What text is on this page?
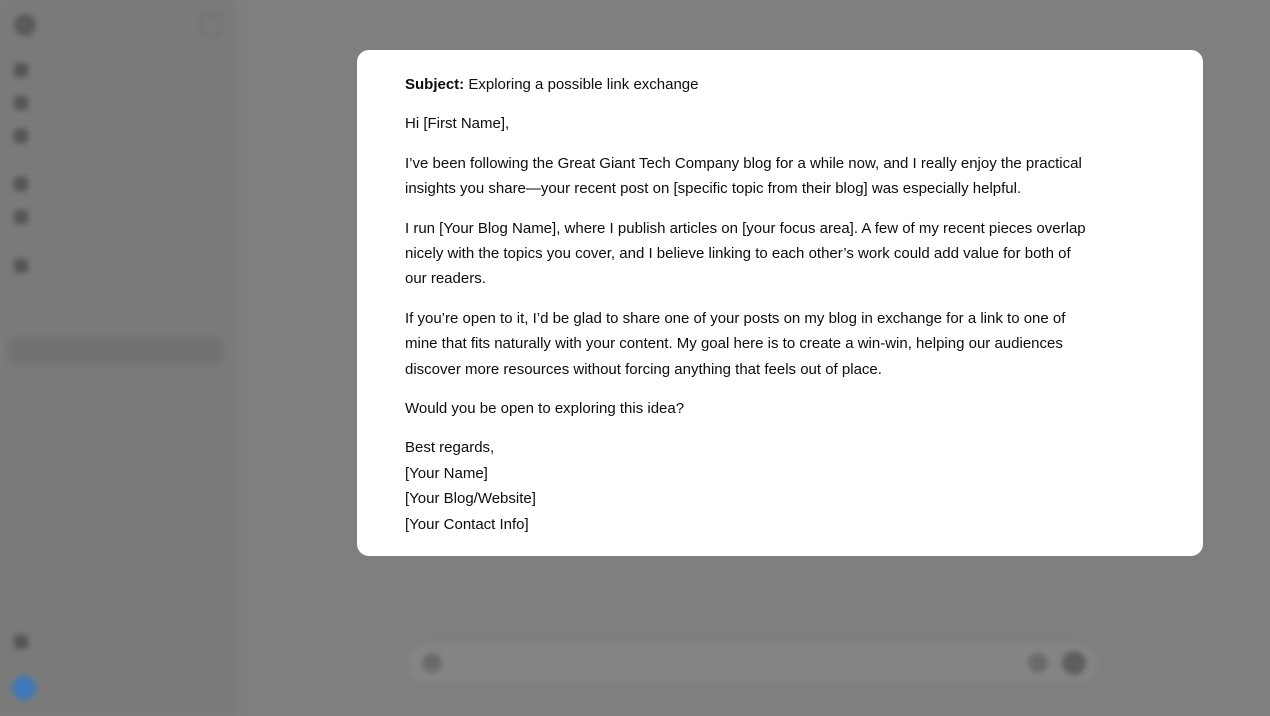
Subject: Exploring a possible link exchange

Hi [First Name],

I’ve been following the Great Giant Tech Company blog for a while now, and I really enjoy the practical insights you share—your recent post on [specific topic from their blog] was especially helpful.

I run [Your Blog Name], where I publish articles on [your focus area]. A few of my recent pieces overlap nicely with the topics you cover, and I believe linking to each other’s work could add value for both of our readers.

If you’re open to it, I’d be glad to share one of your posts on my blog in exchange for a link to one of mine that fits naturally with your content. My goal here is to create a win-win, helping our audiences discover more resources without forcing anything that feels out of place.

Would you be open to exploring this idea?

Best regards,

[Your Name]

[Your Blog/Website]

[Your Contact Info]
